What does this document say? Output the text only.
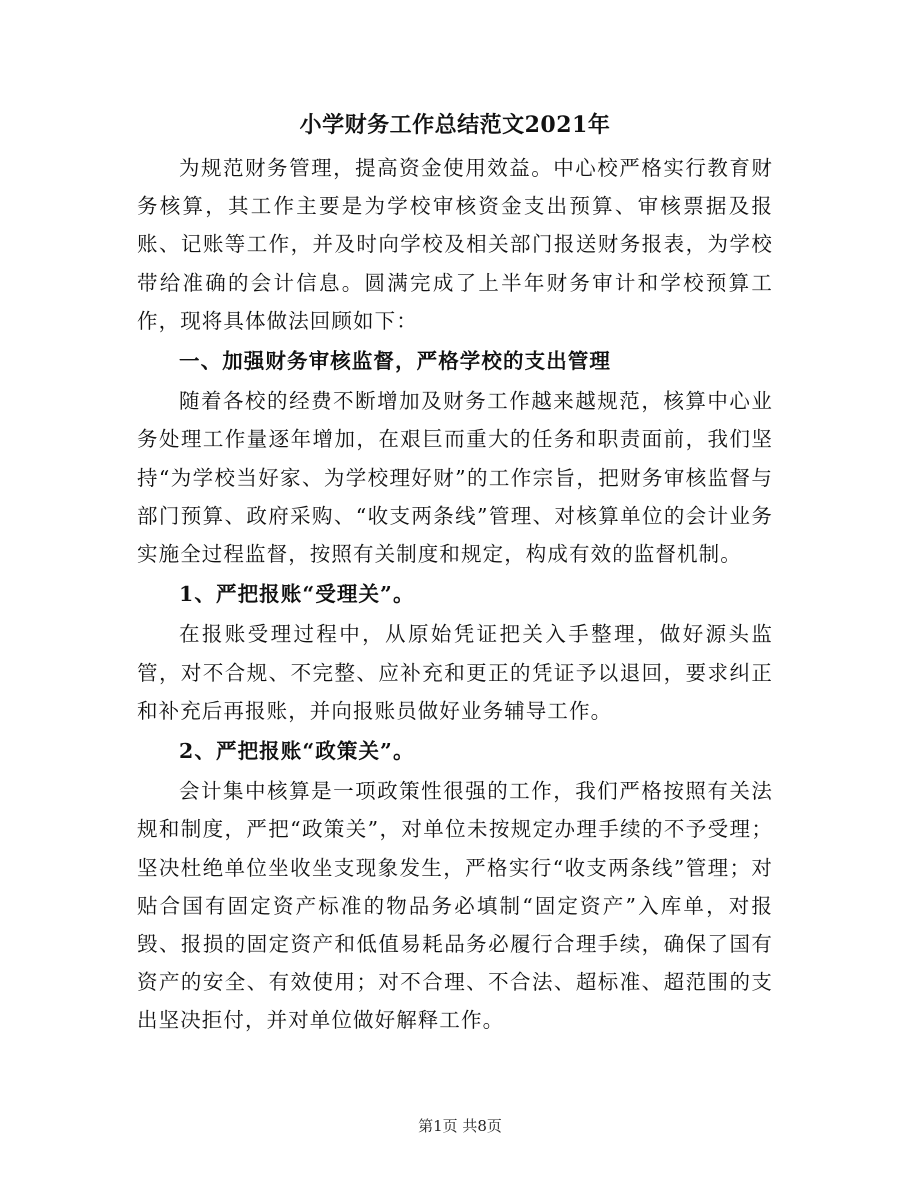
小学财务工作总结范文2021年

为规范财务管理，提高资金使用效益。中心校严格实行教育财务核算，其工作主要是为学校审核资金支出预算、审核票据及报账、记账等工作，并及时向学校及相关部门报送财务报表，为学校带给准确的会计信息。圆满完成了上半年财务审计和学校预算工作，现将具体做法回顾如下：

一、加强财务审核监督，严格学校的支出管理

随着各校的经费不断增加及财务工作越来越规范，核算中心业务处理工作量逐年增加，在艰巨而重大的任务和职责面前，我们坚持“为学校当好家、为学校理好财”的工作宗旨，把财务审核监督与部门预算、政府采购、“收支两条线”管理、对核算单位的会计业务实施全过程监督，按照有关制度和规定，构成有效的监督机制。

1、严把报账“受理关”。

在报账受理过程中，从原始凭证把关入手整理，做好源头监管，对不合规、不完整、应补充和更正的凭证予以退回，要求纠正和补充后再报账，并向报账员做好业务辅导工作。

2、严把报账“政策关”。

会计集中核算是一项政策性很强的工作，我们严格按照有关法规和制度，严把“政策关”，对单位未按规定办理手续的不予受理；坚决杜绝单位坐收坐支现象发生，严格实行“收支两条线”管理；对贴合国有固定资产标准的物品务必填制“固定资产”入库单，对报毁、报损的固定资产和低值易耗品务必履行合理手续，确保了国有资产的安全、有效使用；对不合理、不合法、超标准、超范围的支出坚决拒付，并对单位做好解释工作。

第1页 共8页
